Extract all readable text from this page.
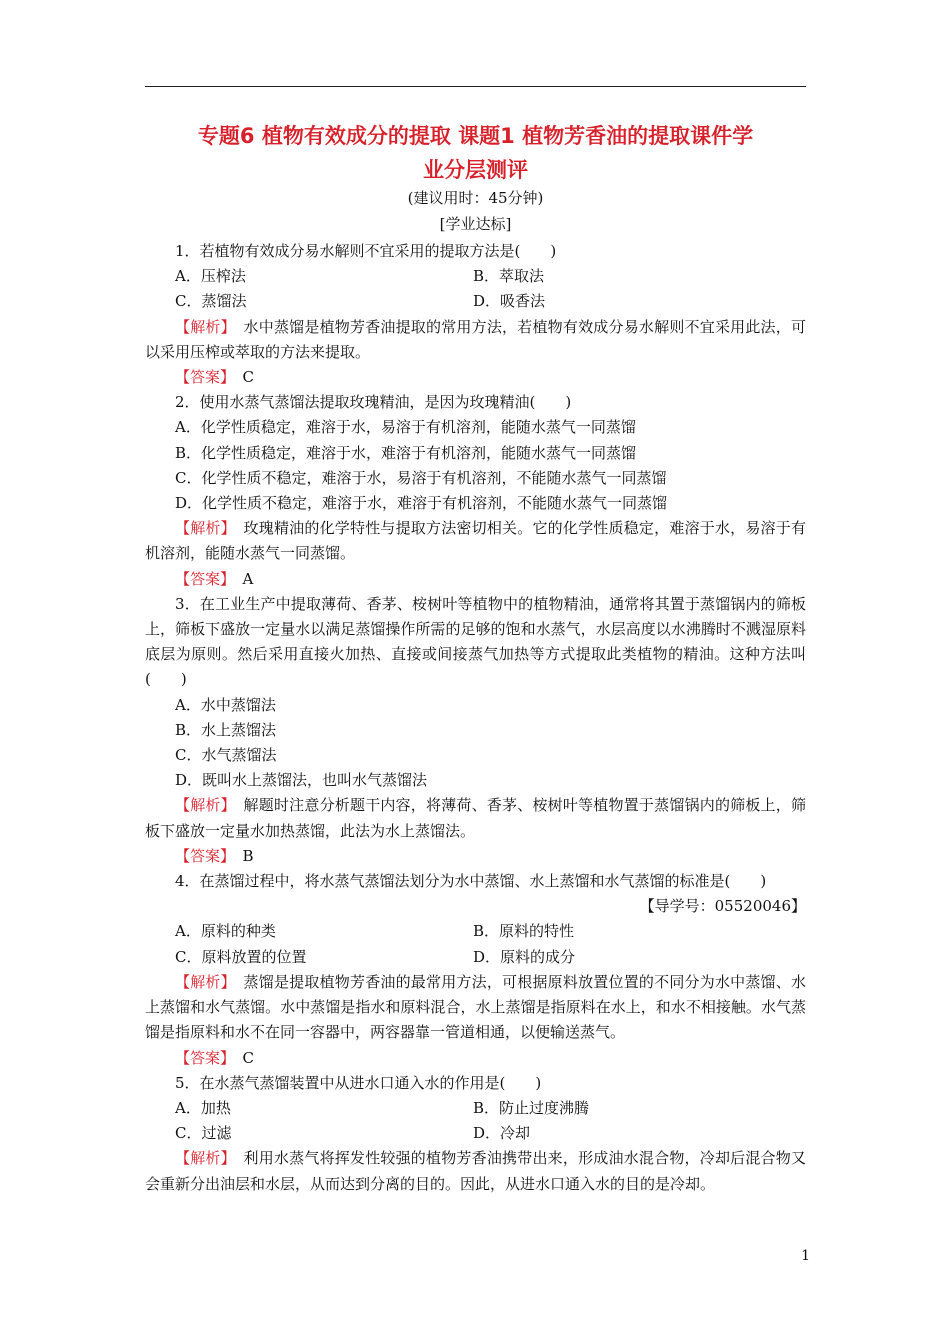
专题6 植物有效成分的提取 课题1 植物芳香油的提取课件学
业分层测评
(建议用时：45分钟)
[学业达标]
1．若植物有效成分易水解则不宜采用的提取方法是(　　)
A．压榨法	B．萃取法
C．蒸馏法	D．吸香法
【解析】　水中蒸馏是植物芳香油提取的常用方法，若植物有效成分易水解则不宜采用此法，可以采用压榨或萃取的方法来提取。
【答案】　C
2．使用水蒸气蒸馏法提取玫瑰精油，是因为玫瑰精油(　　)
A．化学性质稳定，难溶于水，易溶于有机溶剂，能随水蒸气一同蒸馏
B．化学性质稳定，难溶于水，难溶于有机溶剂，能随水蒸气一同蒸馏
C．化学性质不稳定，难溶于水，易溶于有机溶剂，不能随水蒸气一同蒸馏
D．化学性质不稳定，难溶于水，难溶于有机溶剂，不能随水蒸气一同蒸馏
【解析】　玫瑰精油的化学特性与提取方法密切相关。它的化学性质稳定，难溶于水，易溶于有机溶剂，能随水蒸气一同蒸馏。
【答案】　A
3．在工业生产中提取薄荷、香茅、桉树叶等植物中的植物精油，通常将其置于蒸馏锅内的筛板上，筛板下盛放一定量水以满足蒸馏操作所需的足够的饱和水蒸气，水层高度以水沸腾时不溅湿原料底层为原则。然后采用直接火加热、直接或间接蒸气加热等方式提取此类植物的精油。这种方法叫(　　)
A．水中蒸馏法
B．水上蒸馏法
C．水气蒸馏法
D．既叫水上蒸馏法，也叫水气蒸馏法
【解析】　解题时注意分析题干内容，将薄荷、香茅、桉树叶等植物置于蒸馏锅内的筛板上，筛板下盛放一定量水加热蒸馏，此法为水上蒸馏法。
【答案】　B
4．在蒸馏过程中，将水蒸气蒸馏法划分为水中蒸馏、水上蒸馏和水气蒸馏的标准是(　　)
【导学号：05520046】
A．原料的种类	B．原料的特性
C．原料放置的位置	D．原料的成分
【解析】　蒸馏是提取植物芳香油的最常用方法，可根据原料放置位置的不同分为水中蒸馏、水上蒸馏和水气蒸馏。水中蒸馏是指水和原料混合，水上蒸馏是指原料在水上，和水不相接触。水气蒸馏是指原料和水不在同一容器中，两容器靠一管道相通，以便输送蒸气。
【答案】　C
5．在水蒸气蒸馏装置中从进水口通入水的作用是(　　)
A．加热	B．防止过度沸腾
C．过滤	D．冷却
【解析】　利用水蒸气将挥发性较强的植物芳香油携带出来，形成油水混合物，冷却后混合物又会重新分出油层和水层，从而达到分离的目的。因此，从进水口通入水的目的是冷却。
1
